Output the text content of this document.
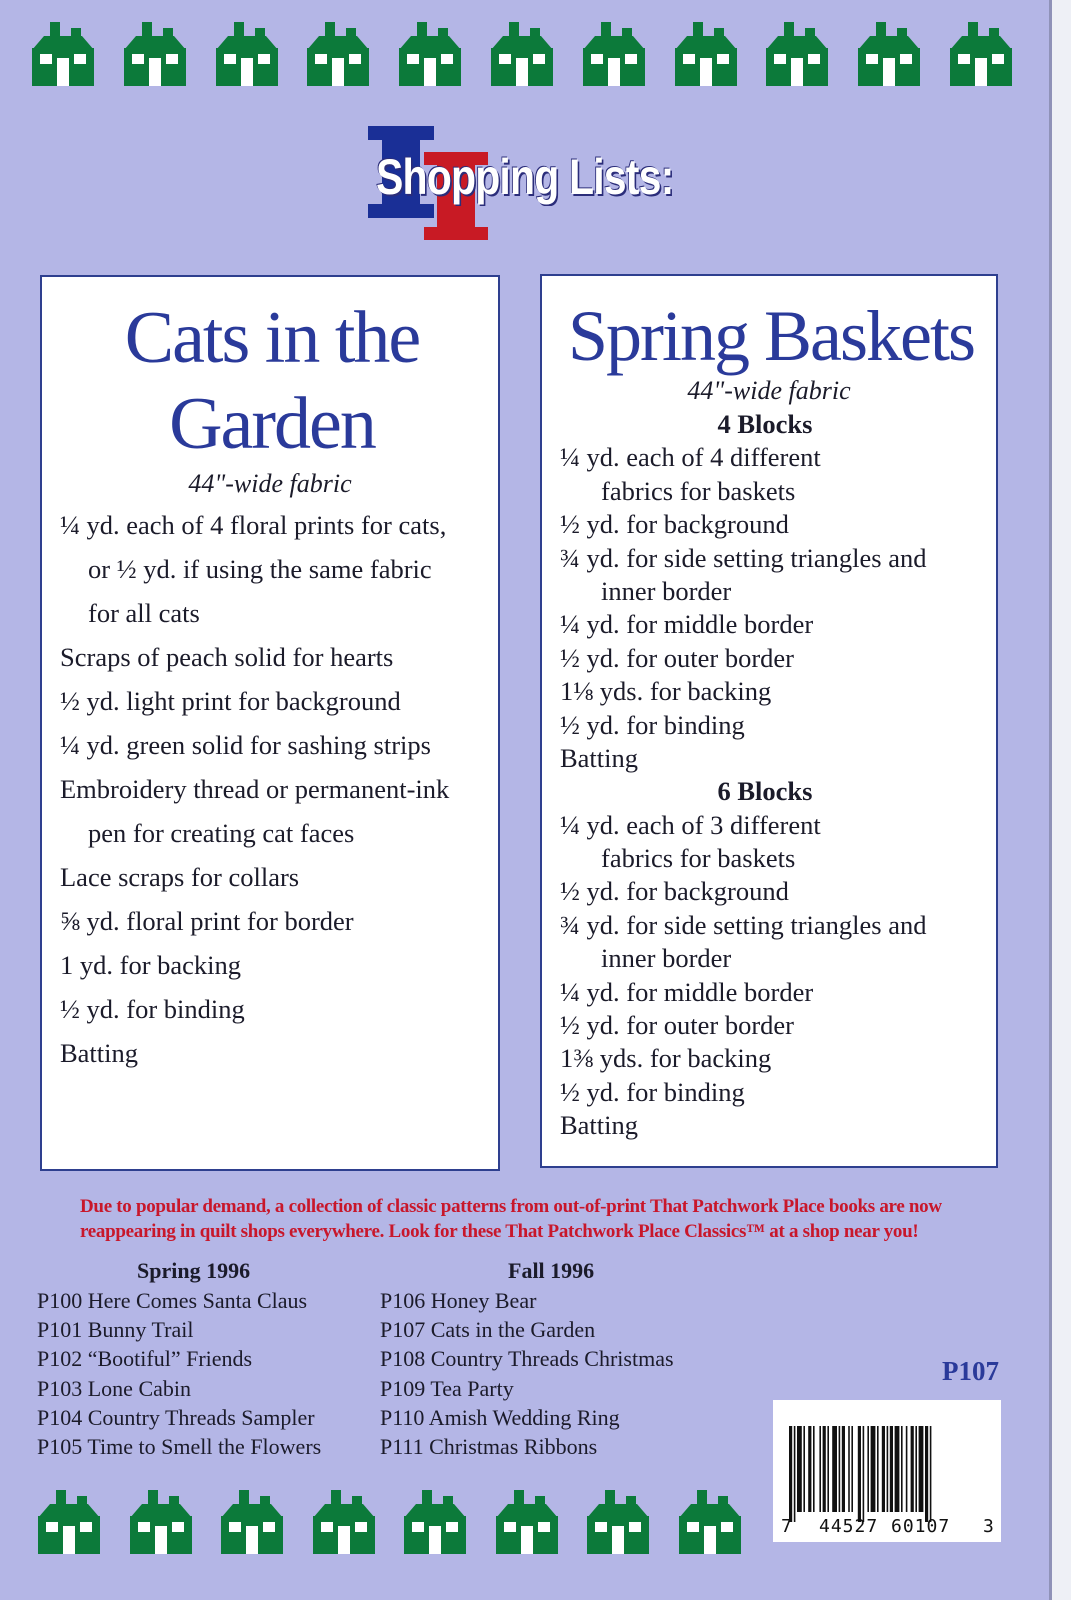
Shopping Lists:
Cats in the
Garden
44"-wide fabric
¼ yd. each of 4 floral prints for cats,
or ½ yd. if using the same fabric
for all cats
Scraps of peach solid for hearts
½ yd. light print for background
¼ yd. green solid for sashing strips
Embroidery thread or permanent-ink
pen for creating cat faces
Lace scraps for collars
⅝ yd. floral print for border
1 yd. for backing
½ yd. for binding
Batting
Spring Baskets
44"-wide fabric
4 Blocks
¼ yd. each of 4 different
fabrics for baskets
½ yd. for background
¾ yd. for side setting triangles and
inner border
¼ yd. for middle border
½ yd. for outer border
1⅛ yds. for backing
½ yd. for binding
Batting
6 Blocks
¼ yd. each of 3 different
fabrics for baskets
½ yd. for background
¾ yd. for side setting triangles and
inner border
¼ yd. for middle border
½ yd. for outer border
1⅜ yds. for backing
½ yd. for binding
Batting
Due to popular demand, a collection of classic patterns from out-of-print That Patchwork Place books are now
reappearing in quilt shops everywhere. Look for these That Patchwork Place Classics™ at a shop near you!
Spring 1996
P100 Here Comes Santa Claus
P101 Bunny Trail
P102 “Bootiful” Friends
P103 Lone Cabin
P104 Country Threads Sampler
P105 Time to Smell the Flowers
Fall 1996
P106 Honey Bear
P107 Cats in the Garden
P108 Country Threads Christmas
P109 Tea Party
P110 Amish Wedding Ring
P111 Christmas Ribbons
P107
7 44527 60107 3
